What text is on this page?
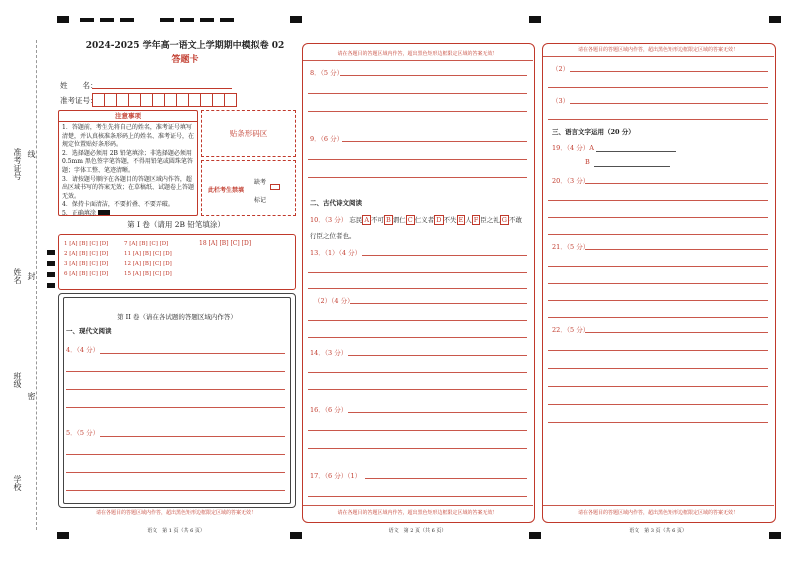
准考证号 线
姓名 封
班级
密
学校
2024-2025 学年高一语文上学期期中模拟卷 02
答题卡
姓　　名：
准考证号：
注意事项
1．答题前，考生先将自己的姓名，准考证号填写清楚，并认真核准条形码上的姓名、准考证号，在规定位置贴好条形码。
2．选择题必须用 2B 铅笔填涂；非选择题必须用 0.5mm 黑色签字笔答题，不得用铅笔或圆珠笔答题；字体工整、笔迹清晰。
3．请按题号顺序在各题目的答题区域内作答，超出区域书写的答案无效；在草稿纸、试题卷上答题无效。
4．保持卡面清洁，不要折叠、不要弄破。
5．正确填涂
贴条形码区
此栏考生禁填
缺考
标记
第 I 卷（请用 2B 铅笔填涂）
1 [A] [B] [C] [D]
2 [A] [B] [C] [D]
3 [A] [B] [C] [D]
6 [A] [B] [C] [D]
7 [A] [B] [C] [D]
11 [A] [B] [C] [D]
12 [A] [B] [C] [D]
15 [A] [B] [C] [D]
18 [A] [B] [C] [D]
第 II 卷（请在各试题的答题区域内作答）
一、现代文阅读
4．（4 分）
5．（5 分）
请在各题目的答题区域内作答，超出黑色矩形边框限定区域的答案无效！
语文　第 1 页（共 6 页）
请在各题目的答题区域内作答，超出黑色矩形边框限定区域的答案无效！
8．（5 分）
9．（6 分）
二、古代诗文阅读
10．（3 分） 忘民 A 不可 B 谓仁 C 仁义者 D 不失 E 人 F 臣之礼 G 不敢
行臣之位者也。
13．（1）（4 分）
（2）（4 分）
14．（3 分）
16．（6 分）
17．（6 分）（1）
请在各题目的答题区域内作答，超出黑色矩形边框限定区域的答案无效！
语文　第 2 页（共 6 页）
请在各题目的答题区域内作答，超出黑色矩形边框限定区域的答案无效！
（2）
（3）
三、语言文字运用（20 分）
19．（4 分）A
B
20．（3 分）
21．（5 分）
22．（5 分）
请在各题目的答题区域内作答，超出黑色矩形边框限定区域的答案无效！
语文　第 3 页（共 6 页）
